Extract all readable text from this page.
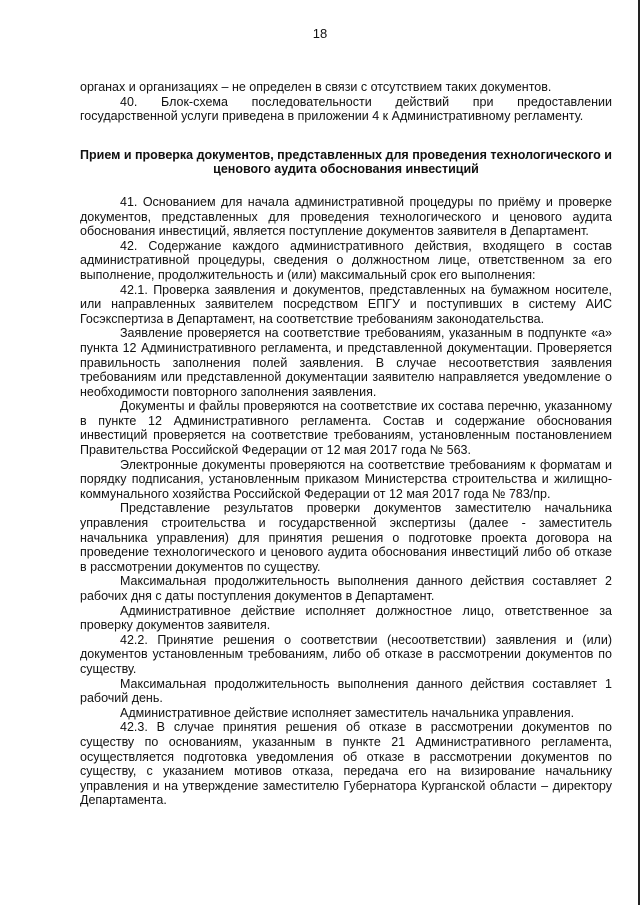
18

органах и организациях – не определен в связи с отсутствием таких документов.

40. Блок-схема последовательности действий при предоставлении государственной услуги приведена в приложении 4 к Административному регламенту.

Прием и проверка документов, представленных для проведения технологического и ценового аудита обоснования инвестиций

41. Основанием для начала административной процедуры по приёму и проверке документов, представленных для проведения технологического и ценового аудита обоснования инвестиций, является поступление документов заявителя в Департамент.

42. Содержание каждого административного действия, входящего в состав административной процедуры, сведения о должностном лице, ответственном за его выполнение, продолжительность и (или) максимальный срок его выполнения:

42.1. Проверка заявления и документов, представленных на бумажном носителе, или направленных заявителем посредством ЕПГУ и поступивших в систему АИС Госэкспертиза в Департамент, на соответствие требованиям законодательства.

Заявление проверяется на соответствие требованиям, указанным в подпункте «а» пункта 12 Административного регламента, и представленной документации. Проверяется правильность заполнения полей заявления. В случае несоответствия заявления требованиям или представленной документации заявителю направляется уведомление о необходимости повторного заполнения заявления.

Документы и файлы проверяются на соответствие их состава перечню, указанному в пункте 12 Административного регламента. Состав и содержание обоснования инвестиций проверяется на соответствие требованиям, установленным постановлением Правительства Российской Федерации от 12 мая 2017 года № 563.

Электронные документы проверяются на соответствие требованиям к форматам и порядку подписания, установленным приказом Министерства строительства и жилищно-коммунального хозяйства Российской Федерации от 12 мая 2017 года № 783/пр.

Представление результатов проверки документов заместителю начальника управления строительства и государственной экспертизы (далее - заместитель начальника управления) для принятия решения о подготовке проекта договора на проведение технологического и ценового аудита обоснования инвестиций либо об отказе в рассмотрении документов по существу.

Максимальная продолжительность выполнения данного действия составляет 2 рабочих дня с даты поступления документов в Департамент.

Административное действие исполняет должностное лицо, ответственное за проверку документов заявителя.

42.2. Принятие решения о соответствии (несоответствии) заявления и (или) документов установленным требованиям, либо об отказе в рассмотрении документов по существу.

Максимальная продолжительность выполнения данного действия составляет 1 рабочий день.

Административное действие исполняет заместитель начальника управления.

42.3. В случае принятия решения об отказе в рассмотрении документов по существу по основаниям, указанным в пункте 21 Административного регламента, осуществляется подготовка уведомления об отказе в рассмотрении документов по существу, с указанием мотивов отказа, передача его на визирование начальнику управления и на утверждение заместителю Губернатора Курганской области – директору Департамента.
